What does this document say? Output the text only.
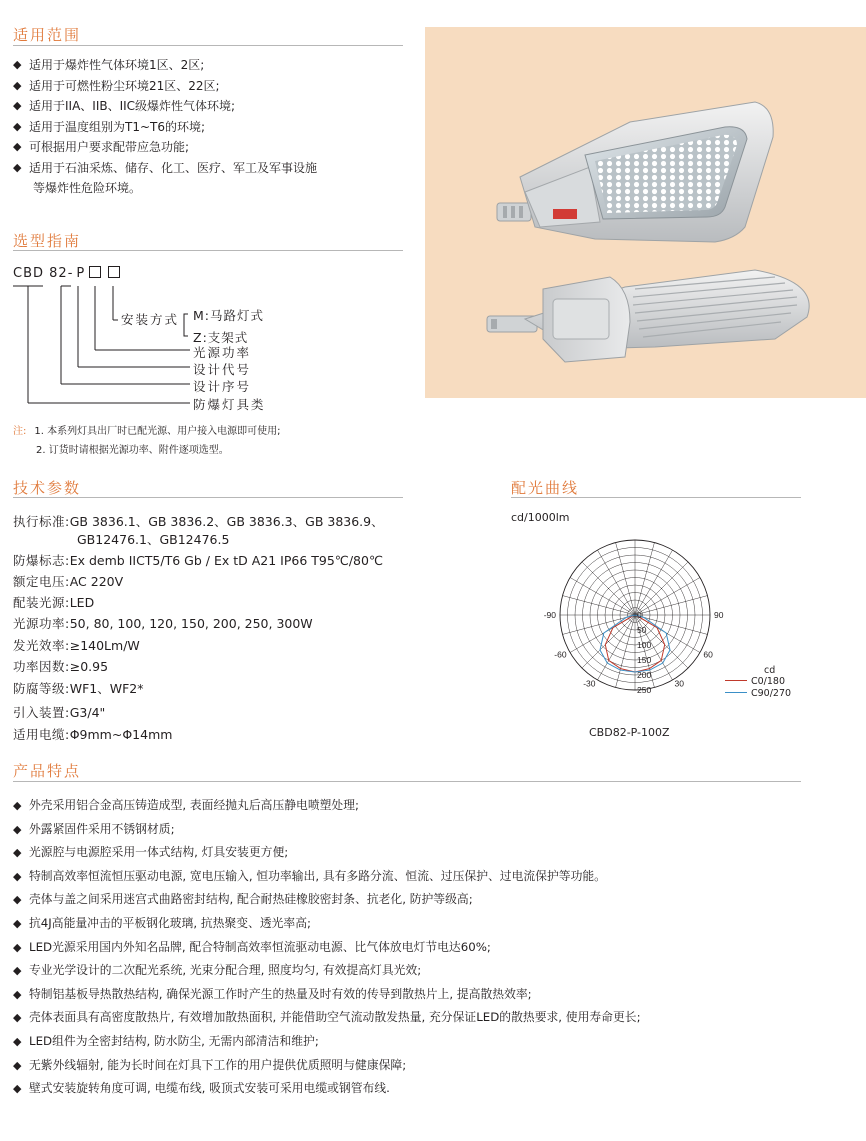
适用范围
◆ 适用于爆炸性气体环境1区、2区;
◆ 适用于可燃性粉尘环境21区、22区;
◆ 适用于IIA、IIB、IIC级爆炸性气体环境;
◆ 适用于温度组别为T1~T6的环境;
◆ 可根据用户要求配带应急功能;
◆ 适用于石油采炼、储存、化工、医疗、军工及军事设施
等爆炸性危险环境。
选型指南
CBD 82- P
安装方式 M:马路灯式
Z:支架式
光源功率
设计代号
设计序号
防爆灯具类
注: 1. 本系列灯具出厂时已配光源、用户接入电源即可使用;
2. 订货时请根据光源功率、附件逐项选型。
技术参数
执行标准:GB 3836.1、GB 3836.2、GB 3836.3、GB 3836.9、
GB12476.1、GB12476.5
防爆标志:Ex demb IICT5/T6 Gb / Ex tD A21 IP66 T95℃/80℃
额定电压:AC 220V
配装光源:LED
光源功率:50, 80, 100, 120, 150, 200, 250, 300W
发光效率:≥140Lm/W
功率因数:≥0.95
防腐等级:WF1、WF2*
引入装置:G3/4"
适用电缆:Φ9mm~Φ14mm
配光曲线
cd/1000lm
0
50
100
150
200
250
-90	90
-60	60
-30	30
cd
C0/180
C90/270
CBD82-P-100Z
产品特点
◆ 外壳采用铝合金高压铸造成型, 表面经抛丸后高压静电喷塑处理;
◆ 外露紧固件采用不锈钢材质;
◆ 光源腔与电源腔采用一体式结构, 灯具安装更方便;
◆ 特制高效率恒流恒压驱动电源, 宽电压输入, 恒功率输出, 具有多路分流、恒流、过压保护、过电流保护等功能。
◆ 壳体与盖之间采用迷宫式曲路密封结构, 配合耐热硅橡胶密封条、抗老化, 防护等级高;
◆ 抗4J高能量冲击的平板钢化玻璃, 抗热聚变、透光率高;
◆ LED光源采用国内外知名品牌, 配合特制高效率恒流驱动电源、比气体放电灯节电达60%;
◆ 专业光学设计的二次配光系统, 光束分配合理, 照度均匀, 有效提高灯具光效;
◆ 特制铝基板导热散热结构, 确保光源工作时产生的热量及时有效的传导到散热片上, 提高散热效率;
◆ 壳体表面具有高密度散热片, 有效增加散热面积, 并能借助空气流动散发热量, 充分保证LED的散热要求, 使用寿命更长;
◆ LED组件为全密封结构, 防水防尘, 无需内部清洁和维护;
◆ 无紫外线辐射, 能为长时间在灯具下工作的用户提供优质照明与健康保障;
◆ 壁式安装旋转角度可调, 电缆布线, 吸顶式安装可采用电缆或钢管布线.
